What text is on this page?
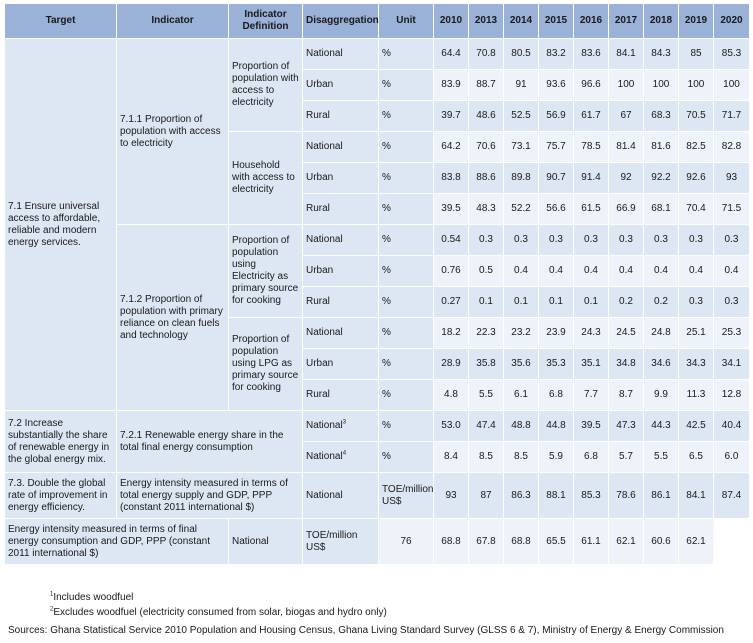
Target	Indicator	Indicator Definition	Disaggregation	Unit	2010	2013	2014	2015	2016	2017	2018	2019	2020
7.1 Ensure universal access to affordable, reliable and modern energy services.	7.1.1 Proportion of population with access to electricity	Proportion of population with access to electricity	National	%	64.4	70.8	80.5	83.2	83.6	84.1	84.3	85	85.3
			Urban	%	83.9	88.7	91	93.6	96.6	100	100	100	100
			Rural	%	39.7	48.6	52.5	56.9	61.7	67	68.3	70.5	71.7
		Household with access to electricity	National	%	64.2	70.6	73.1	75.7	78.5	81.4	81.6	82.5	82.8
			Urban	%	83.8	88.6	89.8	90.7	91.4	92	92.2	92.6	93
			Rural	%	39.5	48.3	52.2	56.6	61.5	66.9	68.1	70.4	71.5
	7.1.2 Proportion of population with primary reliance on clean fuels and technology	Proportion of population using Electricity as primary source for cooking	National	%	0.54	0.3	0.3	0.3	0.3	0.3	0.3	0.3	0.3
			Urban	%	0.76	0.5	0.4	0.4	0.4	0.4	0.4	0.4	0.4
			Rural	%	0.27	0.1	0.1	0.1	0.1	0.2	0.2	0.3	0.3
		Proportion of population using LPG as primary source for cooking	National	%	18.2	22.3	23.2	23.9	24.3	24.5	24.8	25.1	25.3
			Urban	%	28.9	35.8	35.6	35.3	35.1	34.8	34.6	34.3	34.1
			Rural	%	4.8	5.5	6.1	6.8	7.7	8.7	9.9	11.3	12.8
7.2 Increase substantially the share of renewable energy in the global energy mix.	7.2.1 Renewable energy share in the total final energy consumption		National$^3$	%	53.0	47.4	48.8	44.8	39.5	47.3	44.3	42.5	40.4
			National$^4$	%	8.4	8.5	8.5	5.9	6.8	5.7	5.5	6.5	6.0
7.3. Double the global rate of improvement in energy efficiency.	Energy intensity measured in terms of total energy supply and GDP, PPP (constant 2011 international $)		National	TOE/million US$	93	87	86.3	88.1	85.3	78.6	86.1	84.1	87.4
Energy intensity measured in terms of final energy consumption and GDP, PPP (constant 2011 international $)		National	TOE/million US$	76	68.8	67.8	68.8	65.5	61.1	62.1	60.6	62.1	
$^1$Includes woodfuel
$^2$Excludes woodfuel (electricity consumed from solar, biogas and hydro only)
Sources: Ghana Statistical Service 2010 Population and Housing Census, Ghana Living Standard Survey (GLSS 6 & 7), Ministry of Energy & Energy Commission
